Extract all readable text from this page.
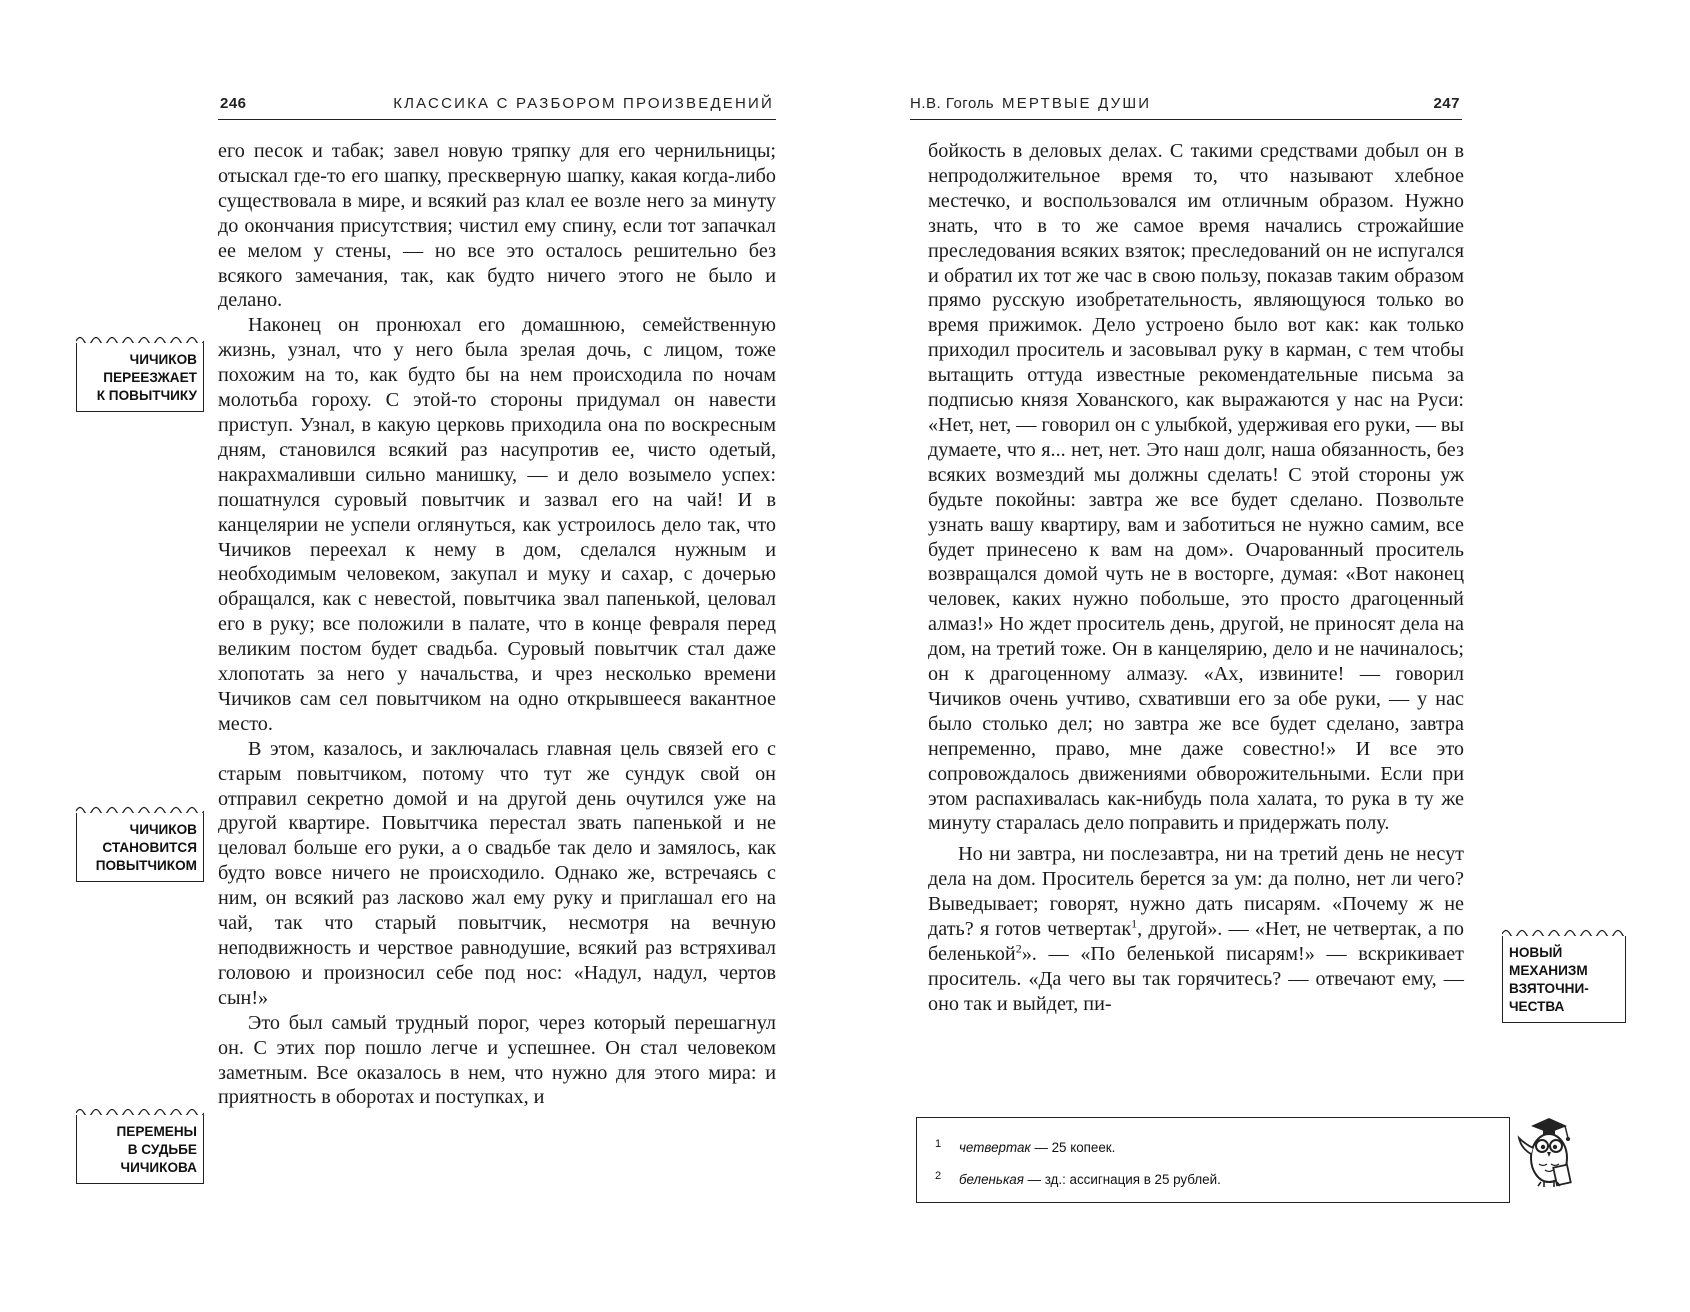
246	КЛАССИКА С РАЗБОРОМ ПРОИЗВЕДЕНИЙ

его песок и табак; завел новую тряпку для его чернильницы; отыскал где-то его шапку, прескверную шапку, какая когда-либо существовала в мире, и всякий раз клал ее возле него за минуту до окончания присутствия; чистил ему спину, если тот запачкал ее мелом у стены, — но все это осталось решительно без всякого замечания, так, как будто ничего этого не было и делано.

Наконец он пронюхал его домашнюю, семейственную жизнь, узнал, что у него была зрелая дочь, с лицом, тоже похожим на то, как будто бы на нем происходила по ночам молотьба гороху. С этой-то стороны придумал он навести приступ. Узнал, в какую церковь приходила она по воскресным дням, становился всякий раз насупротив ее, чисто одетый, накрахмаливши сильно манишку, — и дело возымело успех: пошатнулся суровый повытчик и зазвал его на чай! И в канцелярии не успели оглянуться, как устроилось дело так, что Чичиков переехал к нему в дом, сделался нужным и необходимым человеком, закупал и муку и сахар, с дочерью обращался, как с невестой, повытчика звал папенькой, целовал его в руку; все положили в палате, что в конце февраля перед великим постом будет свадьба. Суровый повытчик стал даже хлопотать за него у начальства, и чрез несколько времени Чичиков сам сел повытчиком на одно открывшееся вакантное место.

В этом, казалось, и заключалась главная цель связей его с старым повытчиком, потому что тут же сундук свой он отправил секретно домой и на другой день очутился уже на другой квартире. Повытчика перестал звать папенькой и не целовал больше его руки, а о свадьбе так дело и замялось, как будто вовсе ничего не происходило. Однако же, встречаясь с ним, он всякий раз ласково жал ему руку и приглашал его на чай, так что старый повытчик, несмотря на вечную неподвижность и черствое равнодушие, всякий раз встряхивал головою и произносил себе под нос: «Надул, надул, чертов сын!»

Это был самый трудный порог, через который перешагнул он. С этих пор пошло легче и успешнее. Он стал человеком заметным. Все оказалось в нем, что нужно для этого мира: и приятность в оборотах и поступках, и

ЧИЧИКОВ
ПЕРЕЕЗЖАЕТ
К ПОВЫТЧИКУ
ЧИЧИКОВ
СТАНОВИТСЯ
ПОВЫТЧИКОМ
ПЕРЕМЕНЫ
В СУДЬБЕ
ЧИЧИКОВА
Н.В. Гоголь МЕРТВЫЕ ДУШИ	247

бойкость в деловых делах. С такими средствами добыл он в непродолжительное время то, что называют хлебное местечко, и воспользовался им отличным образом. Нужно знать, что в то же самое время начались строжайшие преследования всяких взяток; преследований он не испугался и обратил их тот же час в свою пользу, показав таким образом прямо русскую изобретательность, являющуюся только во время прижимок. Дело устроено было вот как: как только приходил проситель и засовывал руку в карман, с тем чтобы вытащить оттуда известные рекомендательные письма за подписью князя Хованского, как выражаются у нас на Руси: «Нет, нет, — говорил он с улыбкой, удерживая его руки, — вы думаете, что я... нет, нет. Это наш долг, наша обязанность, без всяких возмездий мы должны сделать! С этой стороны уж будьте покойны: завтра же все будет сделано. Позвольте узнать вашу квартиру, вам и заботиться не нужно самим, все будет принесено к вам на дом». Очарованный проситель возвращался домой чуть не в восторге, думая: «Вот наконец человек, каких нужно побольше, это просто драгоценный алмаз!» Но ждет проситель день, другой, не приносят дела на дом, на третий тоже. Он в канцелярию, дело и не начиналось; он к драгоценному алмазу. «Ах, извините! — говорил Чичиков очень учтиво, схвативши его за обе руки, — у нас было столько дел; но завтра же все будет сделано, завтра непременно, право, мне даже совестно!» И все это сопровождалось движениями обворожительными. Если при этом распахивалась как-нибудь пола халата, то рука в ту же минуту старалась дело поправить и придержать полу.

Но ни завтра, ни послезавтра, ни на третий день не несут дела на дом. Проситель берется за ум: да полно, нет ли чего? Выведывает; говорят, нужно дать писарям. «Почему ж не дать? я готов четвертак$^1$, другой». — «Нет, не четвертак, а по беленькой$^2$». — «По беленькой писарям!» — вскрикивает проситель. «Да чего вы так горячитесь? — отвечают ему, — оно так и выйдет, пи-

НОВЫЙ
МЕХАНИЗМ
ВЗЯТОЧНИ-
ЧЕСТВА
1 четвертак — 25 копеек.
2 беленькая — зд.: ассигнация в 25 рублей.
